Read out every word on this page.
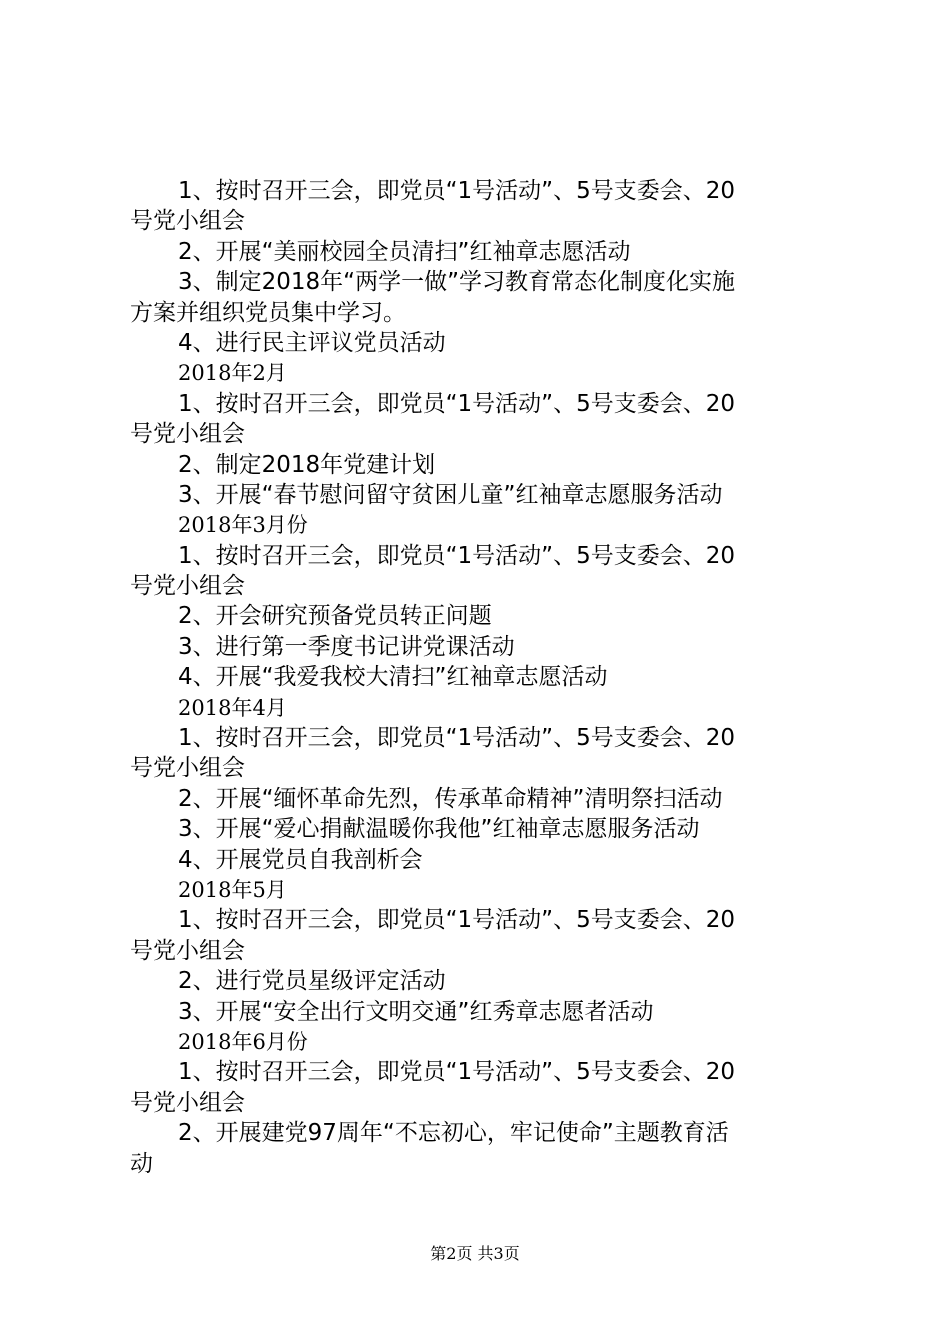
1、按时召开三会，即党员“1号活动”、5号支委会、20
号党小组会
2、开展“美丽校园全员清扫”红袖章志愿活动
3、制定2018年“两学一做”学习教育常态化制度化实施
方案并组织党员集中学习。
4、进行民主评议党员活动
2018年2月
1、按时召开三会，即党员“1号活动”、5号支委会、20
号党小组会
2、制定2018年党建计划
3、开展“春节慰问留守贫困儿童”红袖章志愿服务活动
2018年3月份
1、按时召开三会，即党员“1号活动”、5号支委会、20
号党小组会
2、开会研究预备党员转正问题
3、进行第一季度书记讲党课活动
4、开展“我爱我校大清扫”红袖章志愿活动
2018年4月
1、按时召开三会，即党员“1号活动”、5号支委会、20
号党小组会
2、开展“缅怀革命先烈，传承革命精神”清明祭扫活动
3、开展“爱心捐献温暖你我他”红袖章志愿服务活动
4、开展党员自我剖析会
2018年5月
1、按时召开三会，即党员“1号活动”、5号支委会、20
号党小组会
2、进行党员星级评定活动
3、开展“安全出行文明交通”红秀章志愿者活动
2018年6月份
1、按时召开三会，即党员“1号活动”、5号支委会、20
号党小组会
2、开展建党97周年“不忘初心，牢记使命”主题教育活
动
第2页 共3页
